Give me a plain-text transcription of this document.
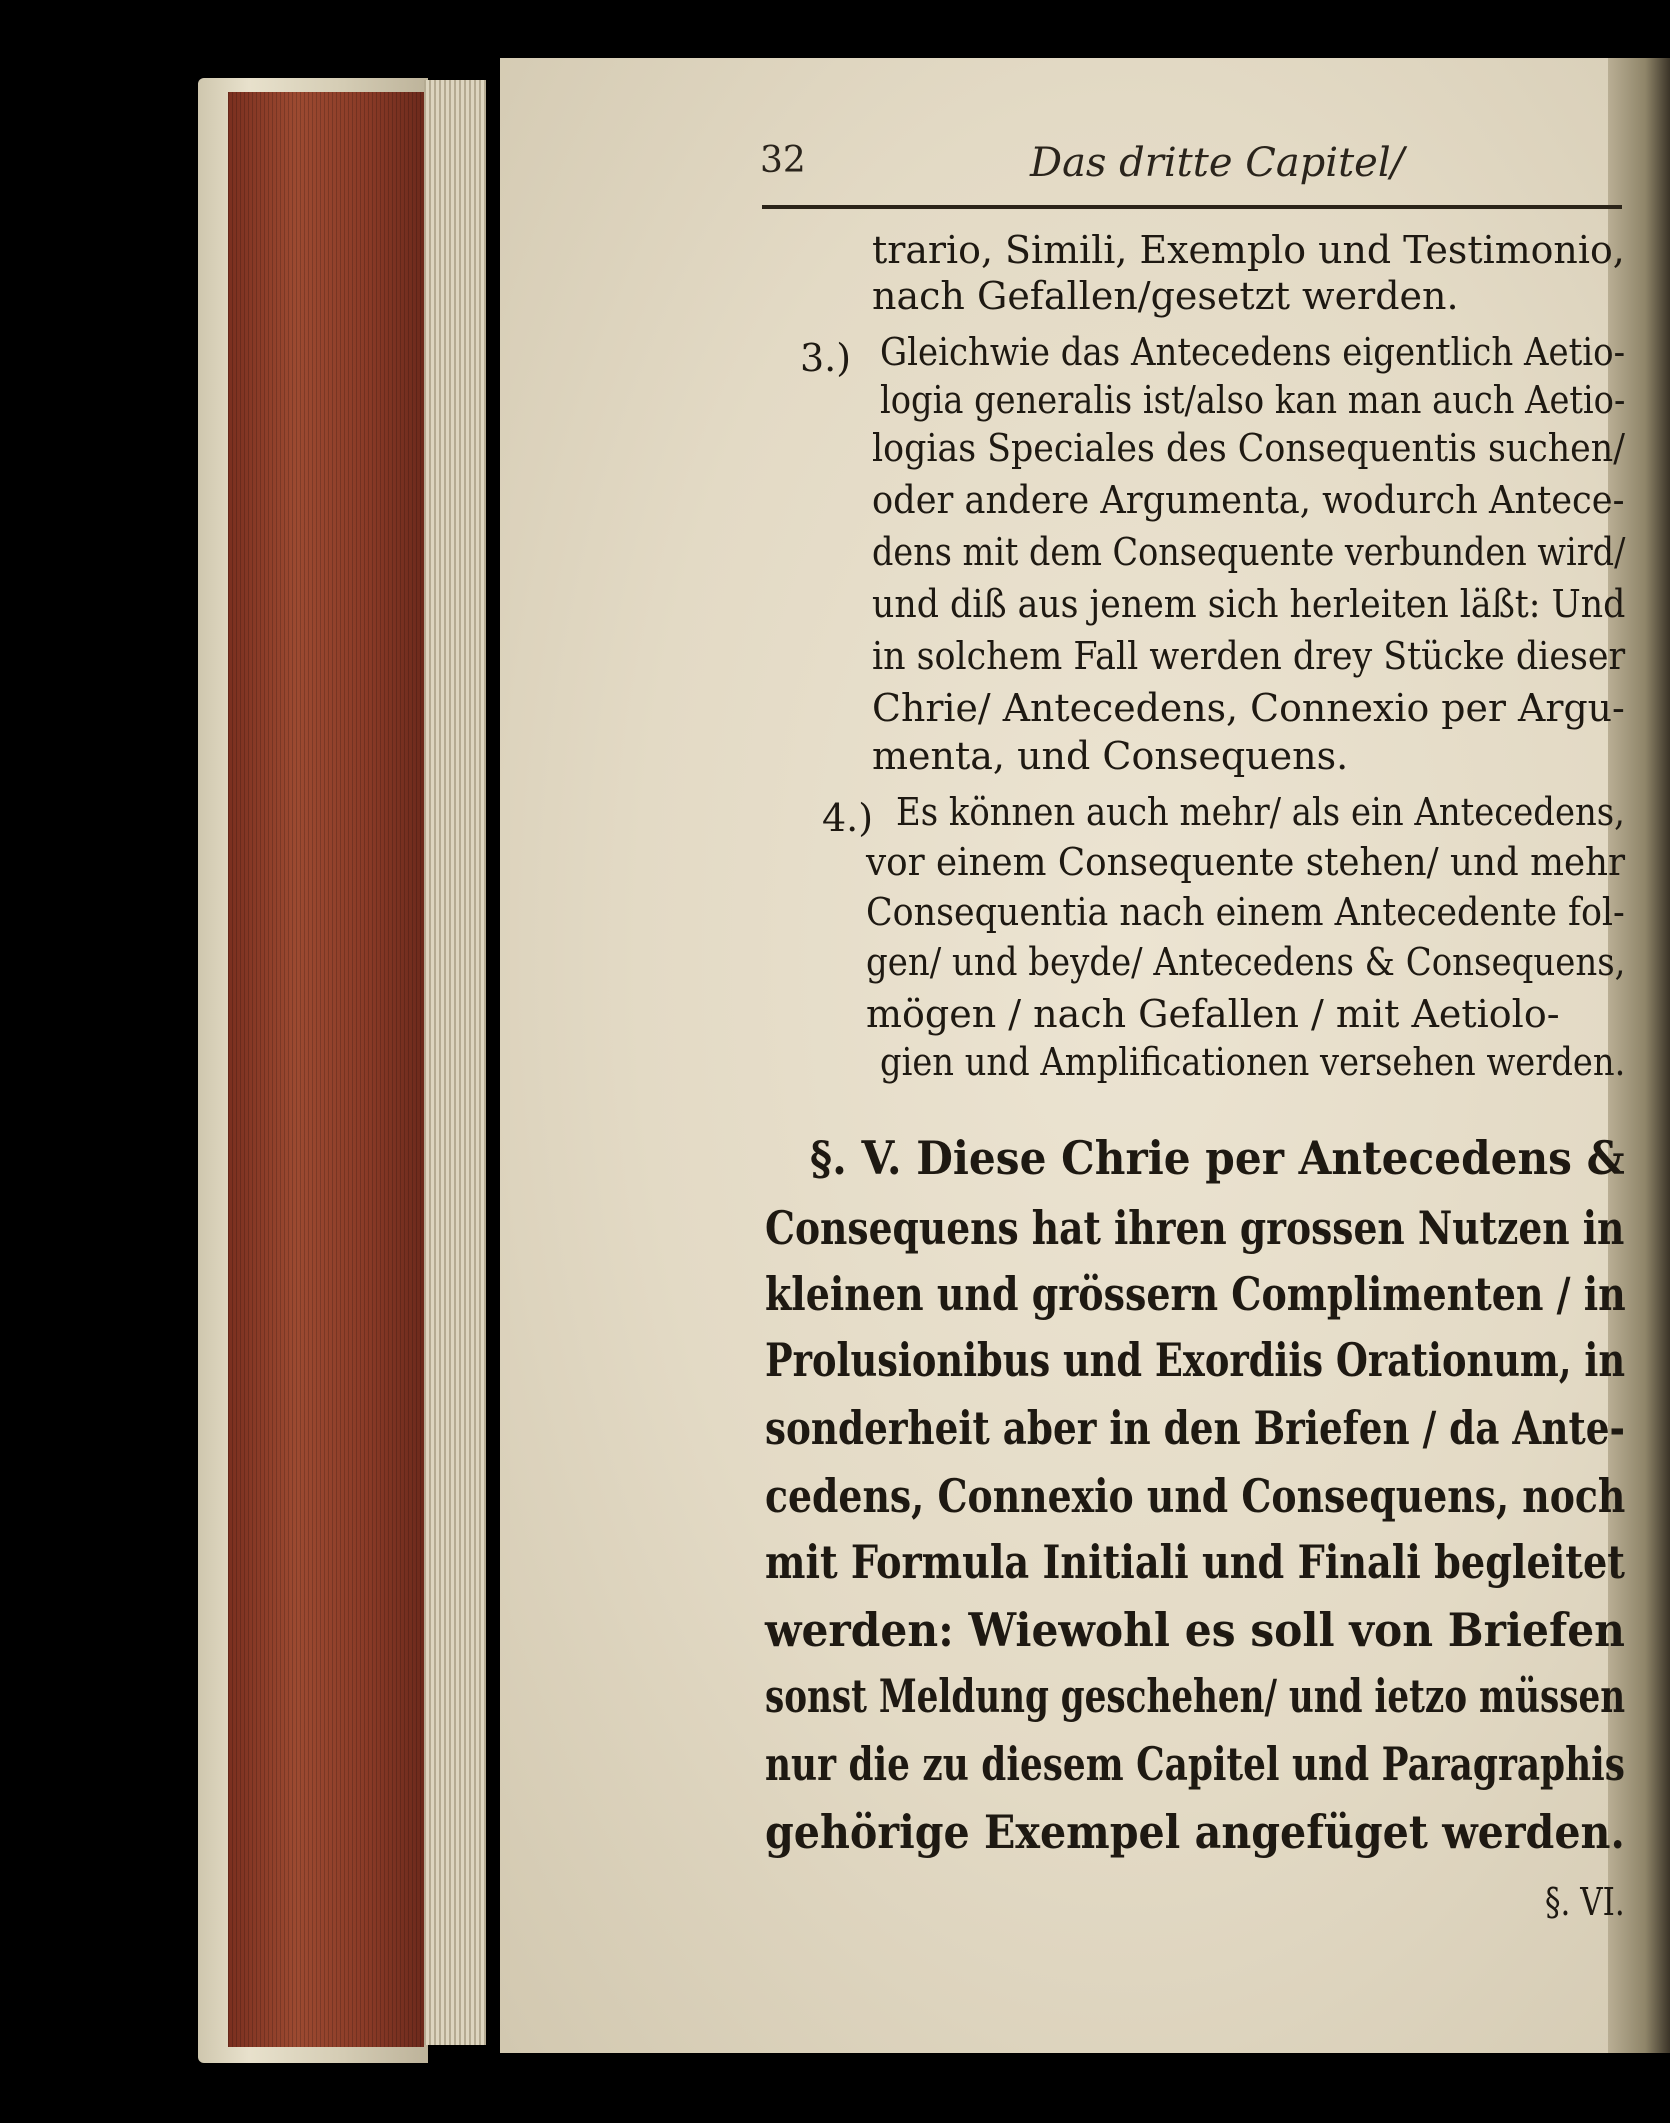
32	Das dritte Capitel/
trario, Simili, Exemplo und Testimonio,
nach Gefallen/gesetzt werden.
3.) Gleichwie das Antecedens eigentlich Aetio-
logia generalis ist/also kan man auch Aetio-
logias Speciales des Consequentis suchen/
oder andere Argumenta, wodurch Antece-
dens mit dem Consequente verbunden wird/
und diß aus jenem sich herleiten läßt: Und
in solchem Fall werden drey Stücke dieser
Chrie/ Antecedens, Connexio per Argu-
menta, und Consequens.
4.) Es können auch mehr/ als ein Antecedens,
vor einem Consequente stehen/ und mehr
Consequentia nach einem Antecedente fol-
gen/ und beyde/ Antecedens & Consequens,
mögen / nach Gefallen / mit Aetiolo-
gien und Amplificationen versehen werden.
§. V. Diese Chrie per Antecedens &
Consequens hat ihren grossen Nutzen in
kleinen und grössern Complimenten / in
Prolusionibus und Exordiis Orationum, in
sonderheit aber in den Briefen / da Ante-
cedens, Connexio und Consequens, noch
mit Formula Initiali und Finali begleitet
werden: Wiewohl es soll von Briefen
sonst Meldung geschehen/ und ietzo müssen
nur die zu diesem Capitel und Paragraphis
gehörige Exempel angefüget werden.
§. VI.
